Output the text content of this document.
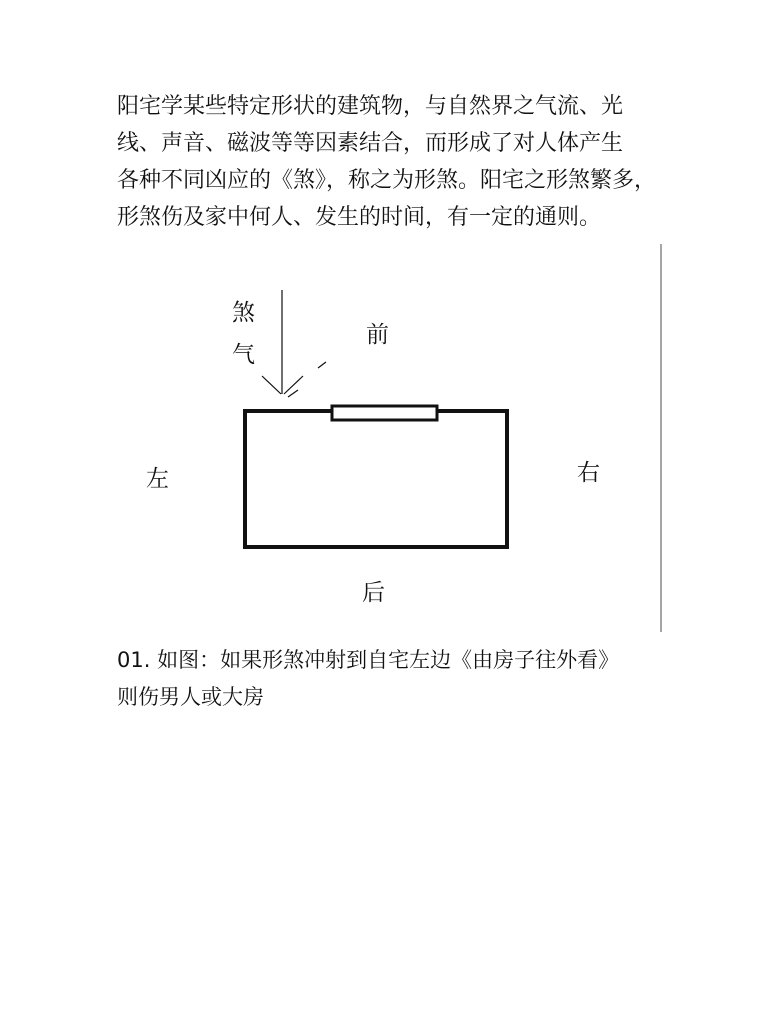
阳宅学某些特定形状的建筑物，与自然界之气流、光
线、声音、磁波等等因素结合，而形成了对人体产生
各种不同凶应的《煞》，称之为形煞。阳宅之形煞繁多，
形煞伤及家中何人、发生的时间，有一定的通则。
煞
气
前
左	右
后
01. 如图：如果形煞冲射到自宅左边《由房子往外看》
则伤男人或大房
